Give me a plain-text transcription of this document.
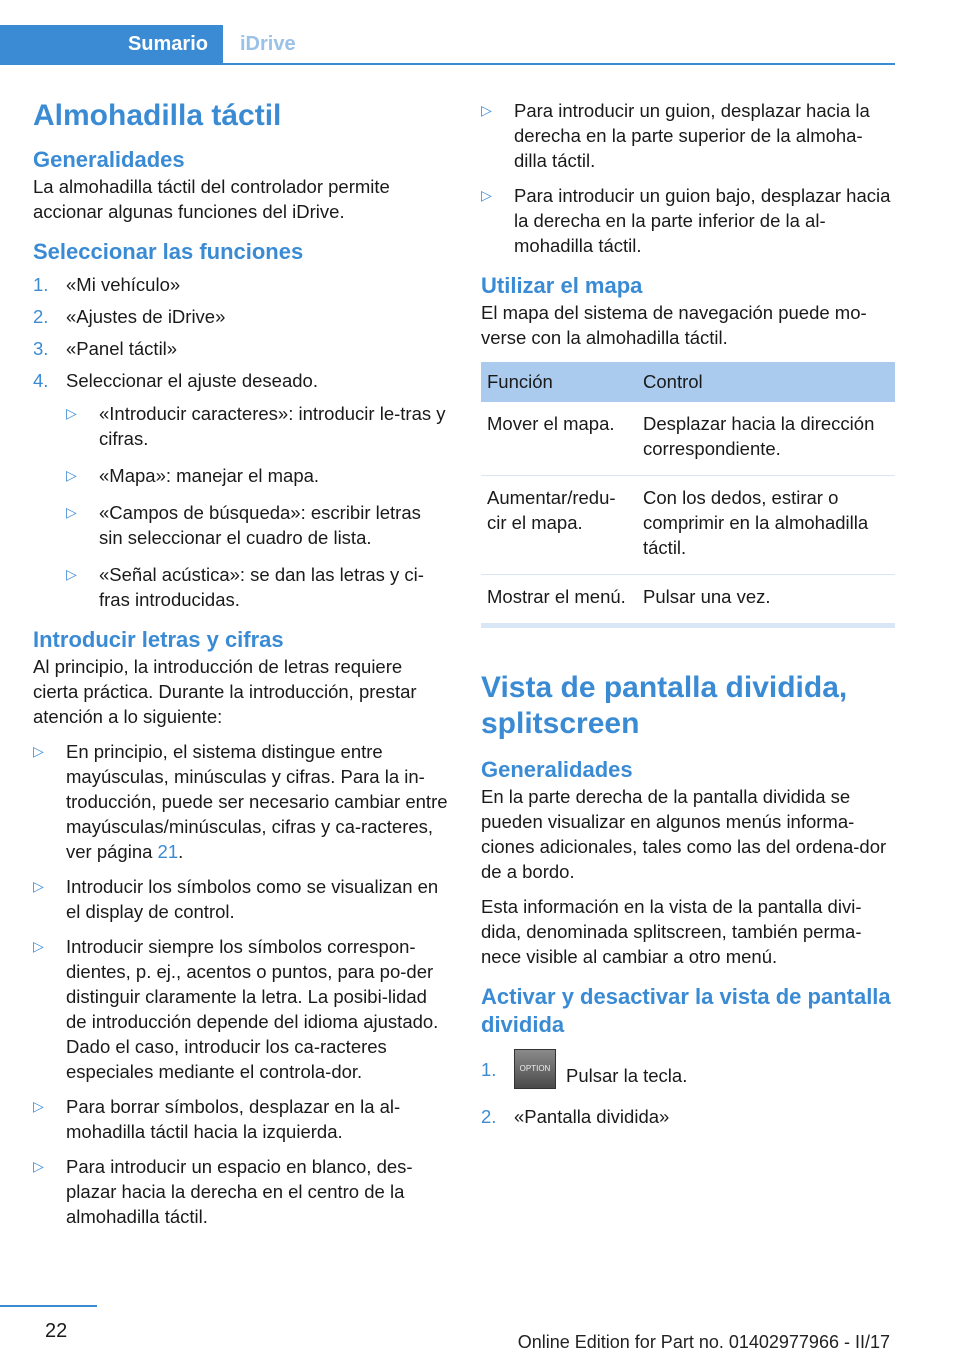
Sumario	iDrive
Almohadilla táctil
Generalidades

La almohadilla táctil del controlador permite accionar algunas funciones del iDrive.

Seleccionar las funciones
1. «Mi vehículo»
2. «Ajustes de iDrive»
3. «Panel táctil»
4. Seleccionar el ajuste deseado.
▷ «Introducir caracteres»: introducir le-tras y cifras.
▷ «Mapa»: manejar el mapa.
▷ «Campos de búsqueda»: escribir letras sin seleccionar el cuadro de lista.
▷ «Señal acústica»: se dan las letras y ci-fras introducidas.
Introducir letras y cifras

Al principio, la introducción de letras requiere cierta práctica. Durante la introducción, prestar atención a lo siguiente:

▷ En principio, el sistema distingue entre mayúsculas, minúsculas y cifras. Para la in-troducción, puede ser necesario cambiar entre mayúsculas/minúsculas, cifras y ca-racteres, ver página 21.
▷ Introducir los símbolos como se visualizan en el display de control.
▷ Introducir siempre los símbolos correspon-dientes, p. ej., acentos o puntos, para po-der distinguir claramente la letra. La posibi-lidad de introducción depende del idioma ajustado. Dado el caso, introducir los ca-racteres especiales mediante el controla-dor.
▷ Para borrar símbolos, desplazar en la al-mohadilla táctil hacia la izquierda.
▷ Para introducir un espacio en blanco, des-plazar hacia la derecha en el centro de la almohadilla táctil.
▷ Para introducir un guion, desplazar hacia la derecha en la parte superior de la almoha-dilla táctil.
▷ Para introducir un guion bajo, desplazar hacia la derecha en la parte inferior de la al-mohadilla táctil.
Utilizar el mapa

El mapa del sistema de navegación puede mo-verse con la almohadilla táctil.

Función	Control
Mover el mapa.	Desplazar hacia la dirección correspondiente.
Aumentar/redu-cir el mapa.	Con los dedos, estirar o comprimir en la almohadilla táctil.
Mostrar el menú.	Pulsar una vez.
Vista de pantalla dividida, splitscreen
Generalidades

En la parte derecha de la pantalla dividida se pueden visualizar en algunos menús informa-ciones adicionales, tales como las del ordena-dor de a bordo.

Esta información en la vista de la pantalla divi-dida, denominada splitscreen, también perma-nece visible al cambiar a otro menú.

Activar y desactivar la vista de pantalla dividida
1.	OPTION Pulsar la tecla.
2. «Pantalla dividida»
22	Online Edition for Part no. 01402977966 - II/17
